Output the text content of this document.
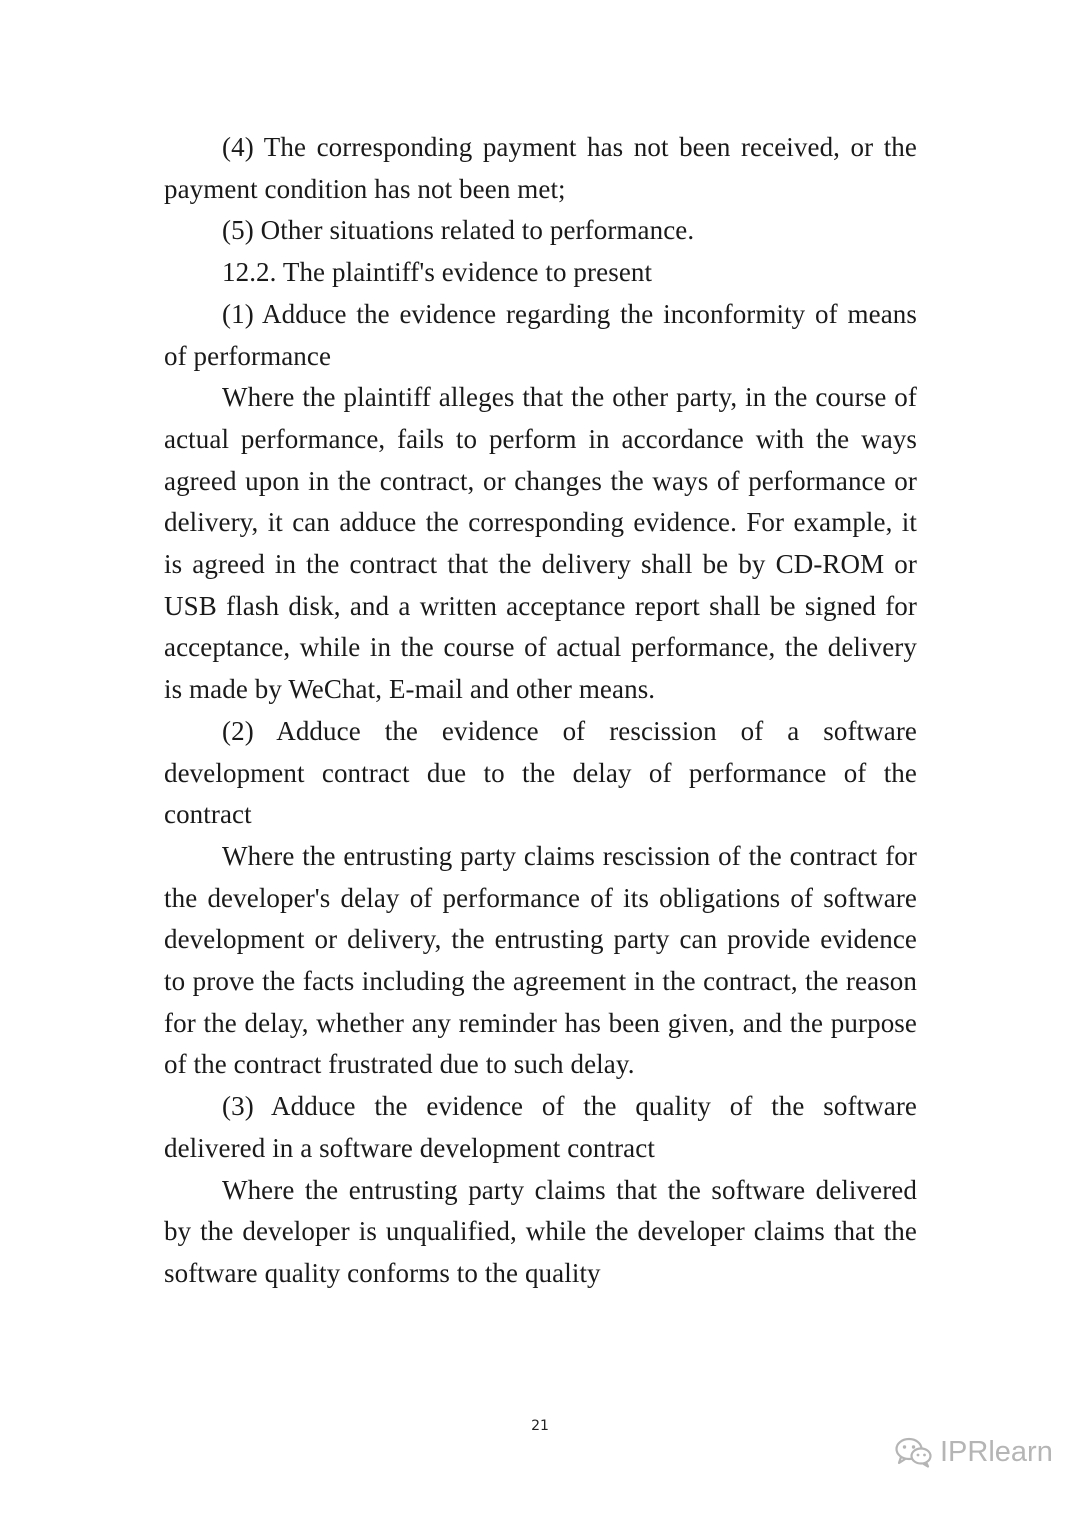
(4) The corresponding payment has not been received, or the payment condition has not been met;

(5) Other situations related to performance.

12.2. The plaintiff's evidence to present

(1) Adduce the evidence regarding the inconformity of means of performance

Where the plaintiff alleges that the other party, in the course of actual performance, fails to perform in accordance with the ways agreed upon in the contract, or changes the ways of performance or delivery, it can adduce the corresponding evidence. For example, it is agreed in the contract that the delivery shall be by CD-ROM or USB flash disk, and a written acceptance report shall be signed for acceptance, while in the course of actual performance, the delivery is made by WeChat, E-mail and other means.

(2) Adduce the evidence of rescission of a software development contract due to the delay of performance of the contract

Where the entrusting party claims rescission of the contract for the developer's delay of performance of its obligations of software development or delivery, the entrusting party can provide evidence to prove the facts including the agreement in the contract, the reason for the delay, whether any reminder has been given, and the purpose of the contract frustrated due to such delay.

(3) Adduce the evidence of the quality of the software delivered in a software development contract

Where the entrusting party claims that the software delivered by the developer is unqualified, while the developer claims that the software quality conforms to the quality

21
IPRlearn
